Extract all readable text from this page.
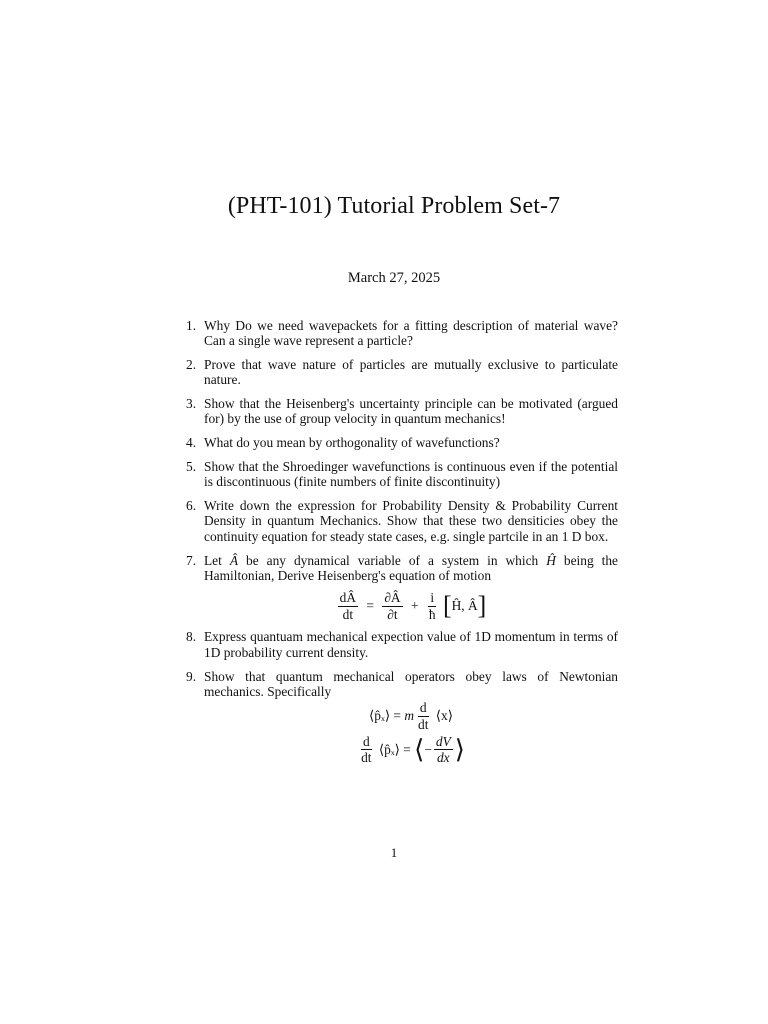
(PHT-101) Tutorial Problem Set-7
March 27, 2025
1. Why Do we need wavepackets for a fitting description of material wave? Can a single wave represent a particle?
2. Prove that wave nature of particles are mutually exclusive to particulate nature.
3. Show that the Heisenberg's uncertainty principle can be motivated (argued for) by the use of group velocity in quantum mechanics!
4. What do you mean by orthogonality of wavefunctions?
5. Show that the Shroedinger wavefunctions is continuous even if the potential is discontinuous (finite numbers of finite discontinuity)
6. Write down the expression for Probability Density & Probability Current Density in quantum Mechanics. Show that these two densiticies obey the continuity equation for steady state cases, e.g. single partcile in an 1 D box.
7. Let Â be any dynamical variable of a system in which Ĥ being the Hamiltonian, Derive Heisenberg's equation of motion
$\frac{dÂ}{dt} = \frac{\partial Â}{\partial t} + \frac{i}{ħ}$ [Ĥ, Â]
8. Express quantuam mechanical expection value of 1D momentum in terms of 1D probability current density.
9. Show that quantum mechanical operators obey laws of Newtonian mechanics. Specifically
⟨p̂ₓ⟩ = m $\frac{d}{dt}$ ⟨x⟩
$\frac{d}{dt}$ ⟨p̂ₓ⟩ = ⟨− $\frac{dV}{dx}$ ⟩
1
